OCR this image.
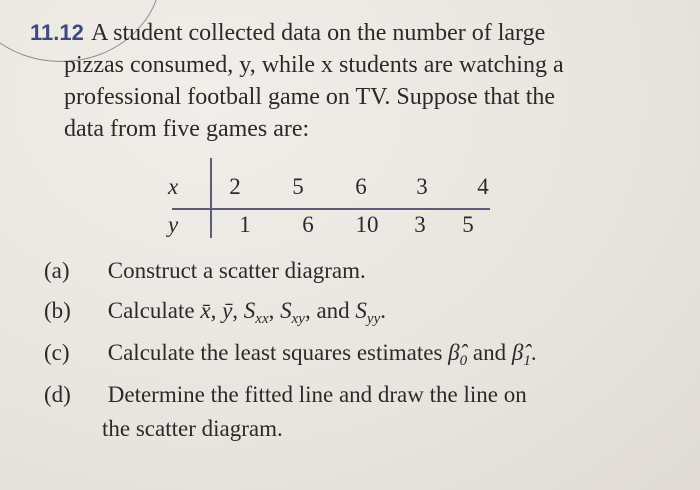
11.12 A student collected data on the number of large
pizzas consumed, y, while x students are watching a
professional football game on TV. Suppose that the
data from five games are:
x	2	5	6	3	4
y	1	6	10	3	5
(a) Construct a scatter diagram.
(b) Calculate x̄, ȳ, $S_{xx}$, $S_{xy}$, and $S_{yy}$.
(c) Calculate the least squares estimates $\betâ_0$ and $\betâ_1$.
(d) Determine the fitted line and draw the line on
the scatter diagram.
